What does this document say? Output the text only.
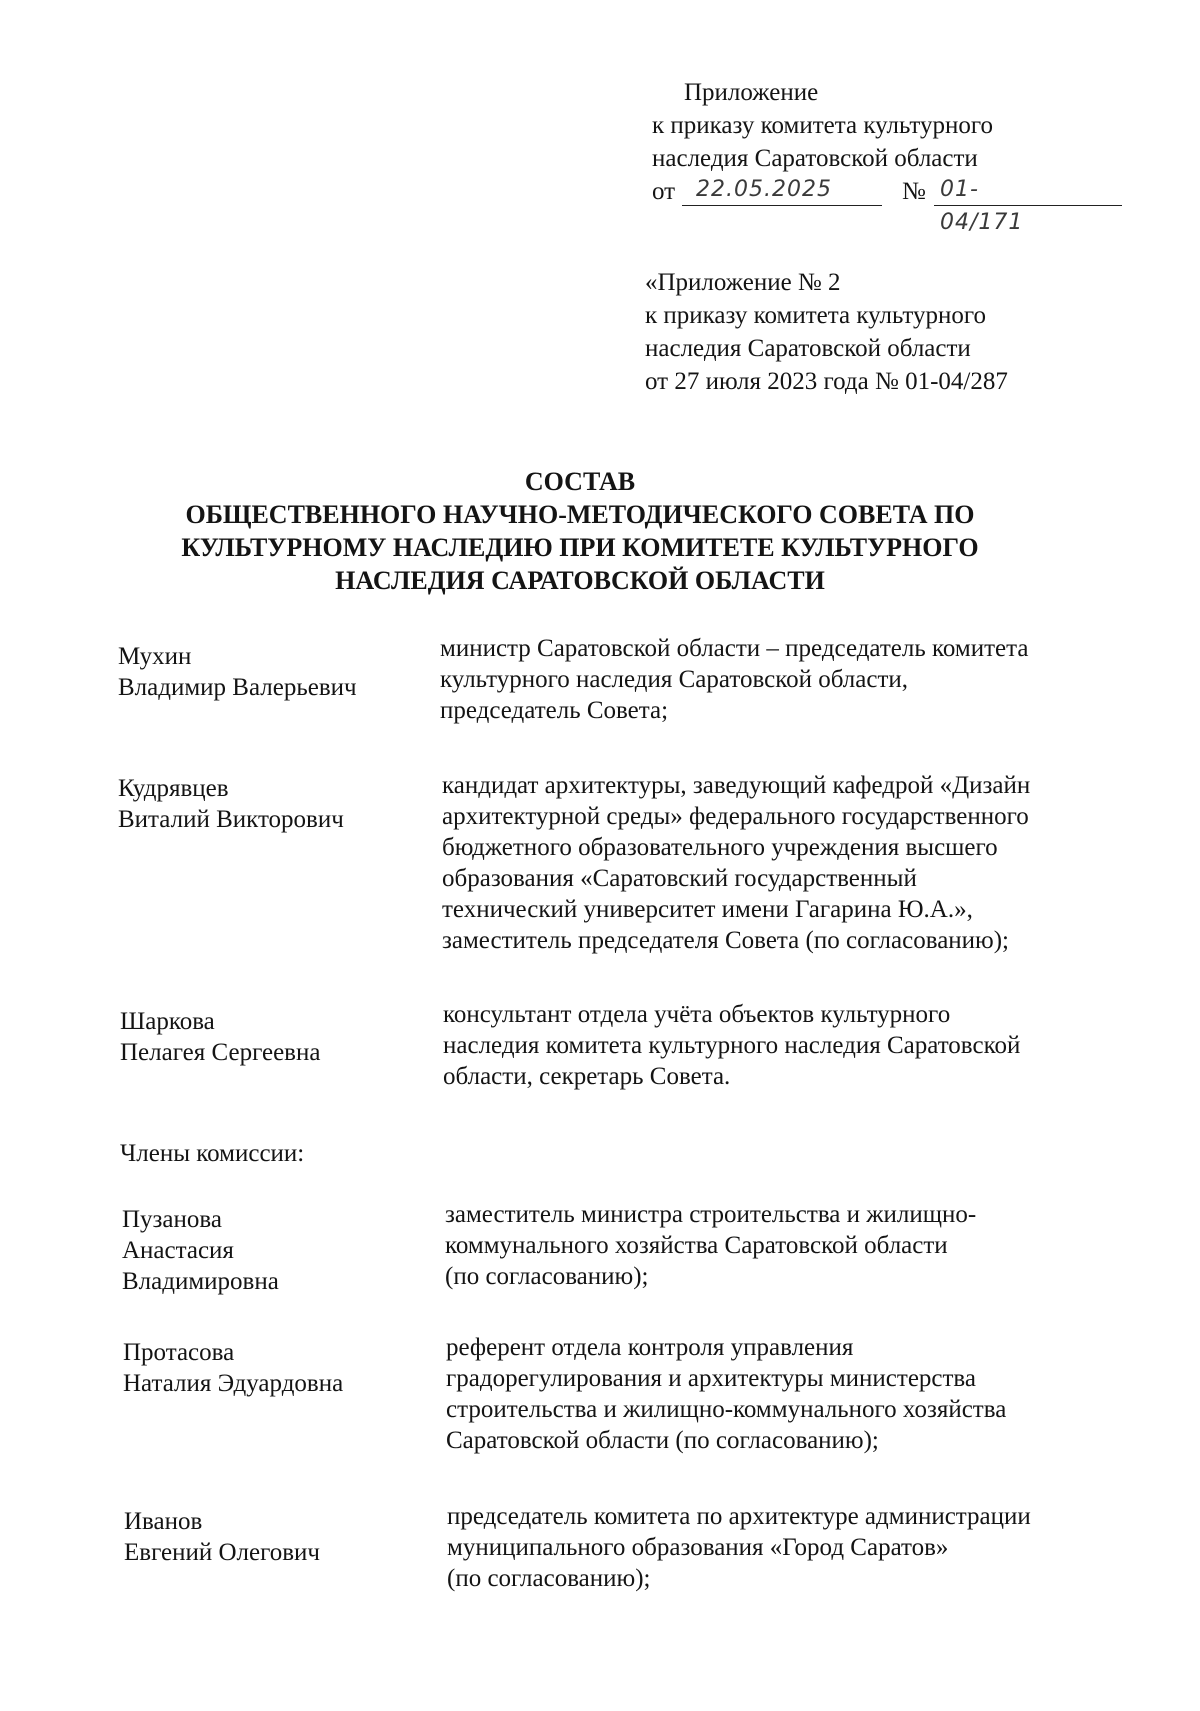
Приложение
к приказу комитета культурного
наследия Саратовской области
от 22.05.2025	№ 01-04/171
«Приложение № 2
к приказу комитета культурного
наследия Саратовской области
от 27 июля 2023 года № 01-04/287
СОСТАВ
ОБЩЕСТВЕННОГО НАУЧНО-МЕТОДИЧЕСКОГО СОВЕТА ПО
КУЛЬТУРНОМУ НАСЛЕДИЮ ПРИ КОМИТЕТЕ КУЛЬТУРНОГО
НАСЛЕДИЯ САРАТОВСКОЙ ОБЛАСТИ
Мухин
Владимир Валерьевич
министр Саратовской области – председатель комитета
культурного наследия Саратовской области,
председатель Совета;
Кудрявцев
Виталий Викторович
кандидат архитектуры, заведующий кафедрой «Дизайн
архитектурной среды» федерального государственного
бюджетного образовательного учреждения высшего
образования «Саратовский государственный
технический университет имени Гагарина Ю.А.»,
заместитель председателя Совета (по согласованию);
Шаркова
Пелагея Сергеевна
консультант отдела учёта объектов культурного
наследия комитета культурного наследия Саратовской
области, секретарь Совета.
Члены комиссии:
Пузанова
Анастасия
Владимировна
заместитель министра строительства и жилищно-
коммунального хозяйства Саратовской области
(по согласованию);
Протасова
Наталия Эдуардовна
референт отдела контроля управления
градорегулирования и архитектуры министерства
строительства и жилищно-коммунального хозяйства
Саратовской области (по согласованию);
Иванов
Евгений Олегович
председатель комитета по архитектуре администрации
муниципального образования «Город Саратов»
(по согласованию);
